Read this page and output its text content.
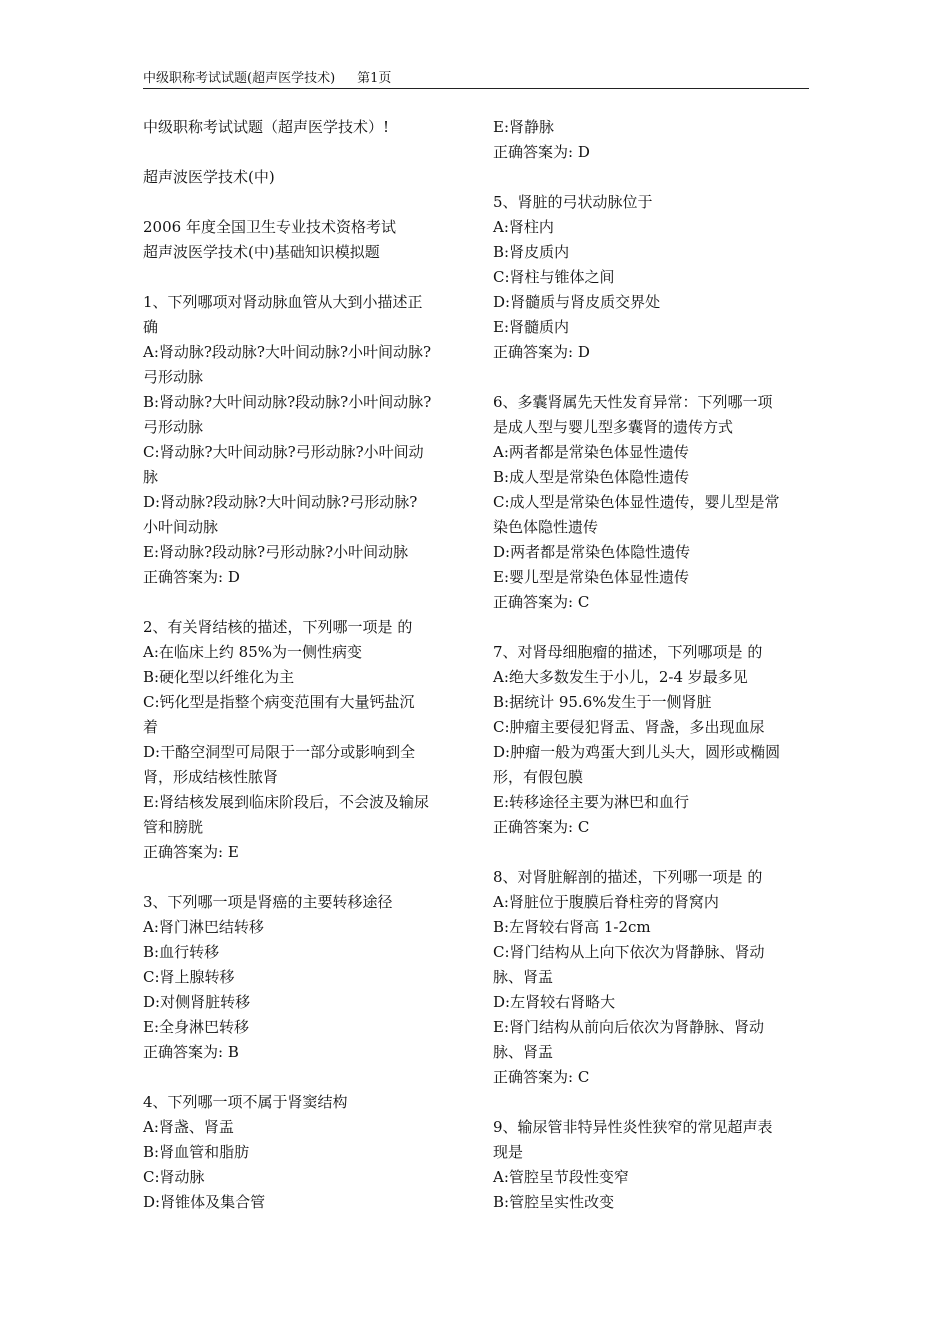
中级职称考试试题(超声医学技术) 第1页
中级职称考试试题（超声医学技术）!
超声波医学技术(中)
2006 年度全国卫生专业技术资格考试
超声波医学技术(中)基础知识模拟题
1、下列哪项对肾动脉血管从大到小描述正
确
A:肾动脉?段动脉?大叶间动脉?小叶间动脉?
弓形动脉
B:肾动脉?大叶间动脉?段动脉?小叶间动脉?
弓形动脉
C:肾动脉?大叶间动脉?弓形动脉?小叶间动
脉
D:肾动脉?段动脉?大叶间动脉?弓形动脉?
小叶间动脉
E:肾动脉?段动脉?弓形动脉?小叶间动脉
正确答案为: D
2、有关肾结核的描述，下列哪一项是 的
A:在临床上约 85%为一侧性病变
B:硬化型以纤维化为主
C:钙化型是指整个病变范围有大量钙盐沉
着
D:干酪空洞型可局限于一部分或影响到全
肾，形成结核性脓肾
E:肾结核发展到临床阶段后，不会波及输尿
管和膀胱
正确答案为: E
3、下列哪一项是肾癌的主要转移途径
A:肾门淋巴结转移
B:血行转移
C:肾上腺转移
D:对侧肾脏转移
E:全身淋巴转移
正确答案为: B
4、下列哪一项不属于肾窦结构
A:肾盏、肾盂
B:肾血管和脂肪
C:肾动脉
D:肾锥体及集合管
E:肾静脉
正确答案为: D
5、肾脏的弓状动脉位于
A:肾柱内
B:肾皮质内
C:肾柱与锥体之间
D:肾髓质与肾皮质交界处
E:肾髓质内
正确答案为: D
6、多囊肾属先天性发育异常：下列哪一项
是成人型与婴儿型多囊肾的遗传方式
A:两者都是常染色体显性遗传
B:成人型是常染色体隐性遗传
C:成人型是常染色体显性遗传，婴儿型是常
染色体隐性遗传
D:两者都是常染色体隐性遗传
E:婴儿型是常染色体显性遗传
正确答案为: C
7、对肾母细胞瘤的描述，下列哪项是 的
A:绝大多数发生于小儿，2-4 岁最多见
B:据统计 95.6%发生于一侧肾脏
C:肿瘤主要侵犯肾盂、肾盏，多出现血尿
D:肿瘤一般为鸡蛋大到儿头大，圆形或椭圆
形，有假包膜
E:转移途径主要为淋巴和血行
正确答案为: C
8、对肾脏解剖的描述，下列哪一项是 的
A:肾脏位于腹膜后脊柱旁的肾窝内
B:左肾较右肾高 1-2cm
C:肾门结构从上向下依次为肾静脉、肾动
脉、肾盂
D:左肾较右肾略大
E:肾门结构从前向后依次为肾静脉、肾动
脉、肾盂
正确答案为: C
9、输尿管非特异性炎性狭窄的常见超声表
现是
A:管腔呈节段性变窄
B:管腔呈实性改变
